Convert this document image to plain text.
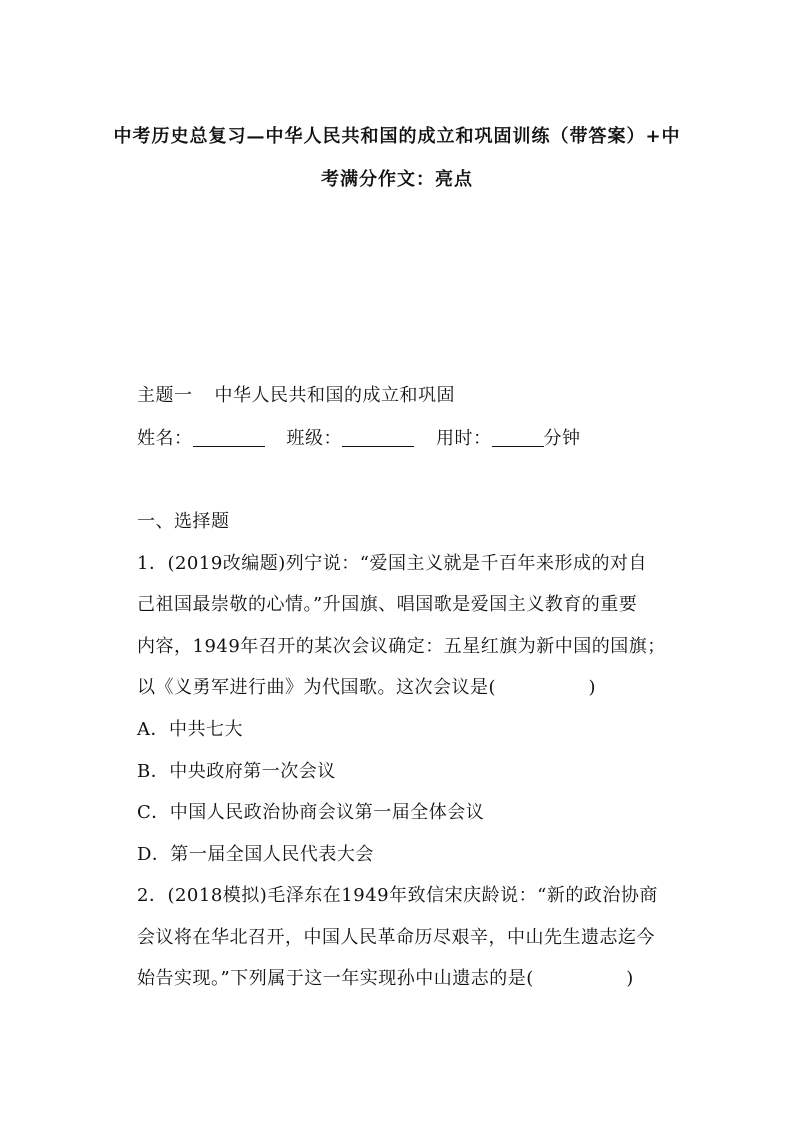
中考历史总复习—中华人民共和国的成立和巩固训练（带答案）+中
考满分作文：亮点
主题一 中华人民共和国的成立和巩固
姓名：	班级：	用时：	分钟
一、选择题
1．(2019改编题)列宁说：“爱国主义就是千百年来形成的对自
己祖国最崇敬的心情。”升国旗、唱国歌是爱国主义教育的重要
内容，1949年召开的某次会议确定：五星红旗为新中国的国旗；
以《义勇军进行曲》为代国歌。这次会议是(　　　　　)
A．中共七大
B．中央政府第一次会议
C．中国人民政治协商会议第一届全体会议
D．第一届全国人民代表大会
2．(2018模拟)毛泽东在1949年致信宋庆龄说：“新的政治协商
会议将在华北召开，中国人民革命历尽艰辛，中山先生遗志迄今
始告实现。”下列属于这一年实现孙中山遗志的是(　　　　　)
